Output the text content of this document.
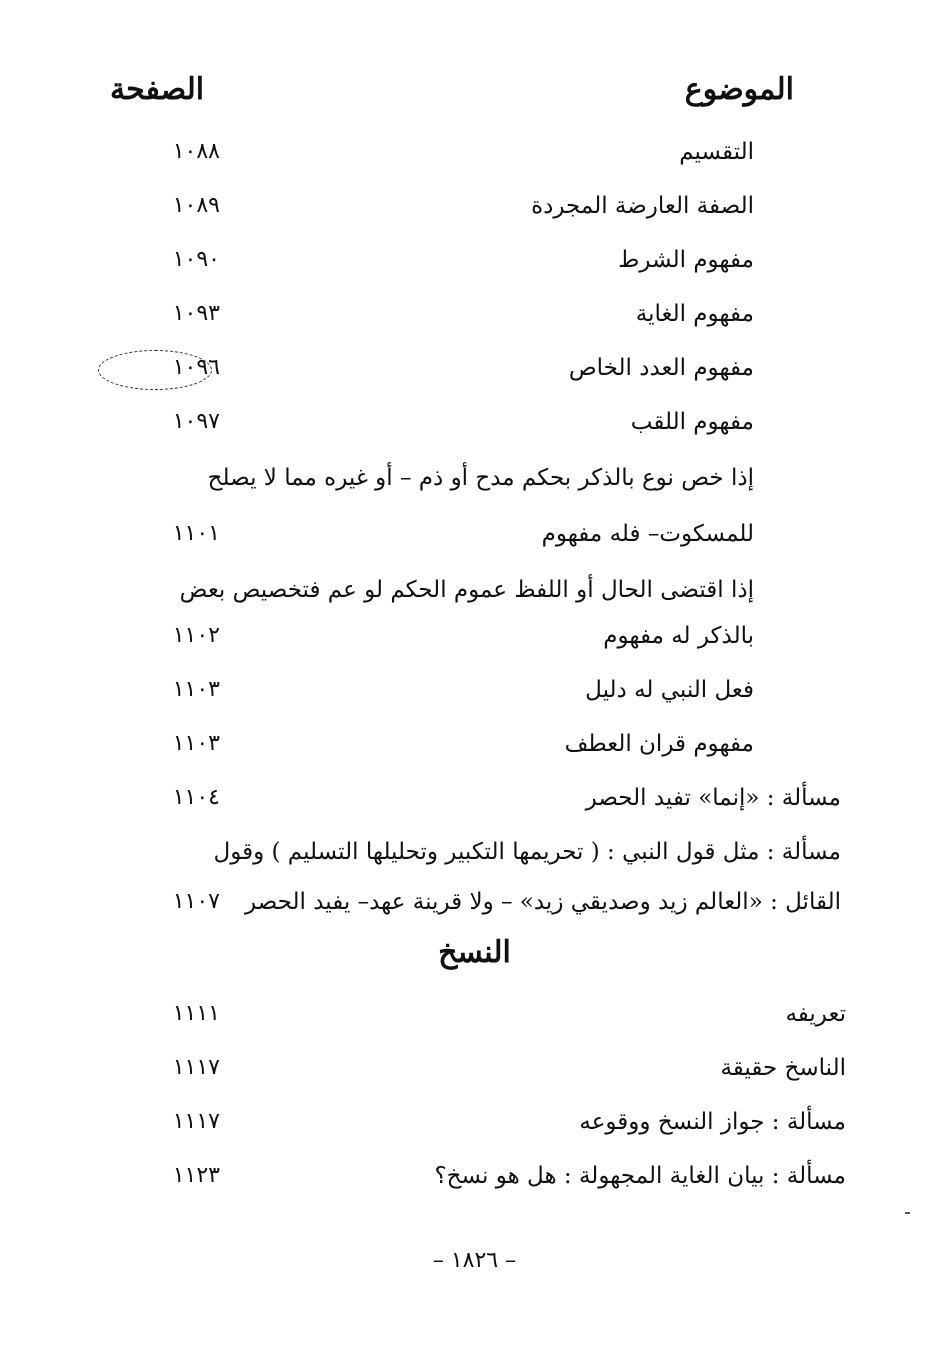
الموضوع
الصفحة
التقسيم
١٠٨٨
الصفة العارضة المجردة
١٠٨٩
مفهوم الشرط
١٠٩٠
مفهوم الغاية
١٠٩٣
مفهوم العدد الخاص
١٠٩٦
مفهوم اللقب
١٠٩٧
إذا خص نوع بالذكر بحكم مدح أو ذم – أو غيره مما لا يصلح
للمسكوت– فله مفهوم
١١٠١
إذا اقتضى الحال أو اللفظ عموم الحكم لو عم فتخصيص بعض
بالذكر له مفهوم
١١٠٢
فعل النبي له دليل
١١٠٣
مفهوم قران العطف
١١٠٣
مسألة : «إنما» تفيد الحصر
١١٠٤
مسألة : مثل قول النبي : ( تحريمها التكبير وتحليلها التسليم ) وقول
القائل : «العالم زيد وصديقي زيد» – ولا قرينة عهد– يفيد الحصر
١١٠٧
النسخ
تعريفه
١١١١
الناسخ حقيقة
١١١٧
مسألة : جواز النسخ ووقوعه
١١١٧
مسألة : بيان الغاية المجهولة : هل هو نسخ؟
١١٢٣
– ١٨٢٦ –
